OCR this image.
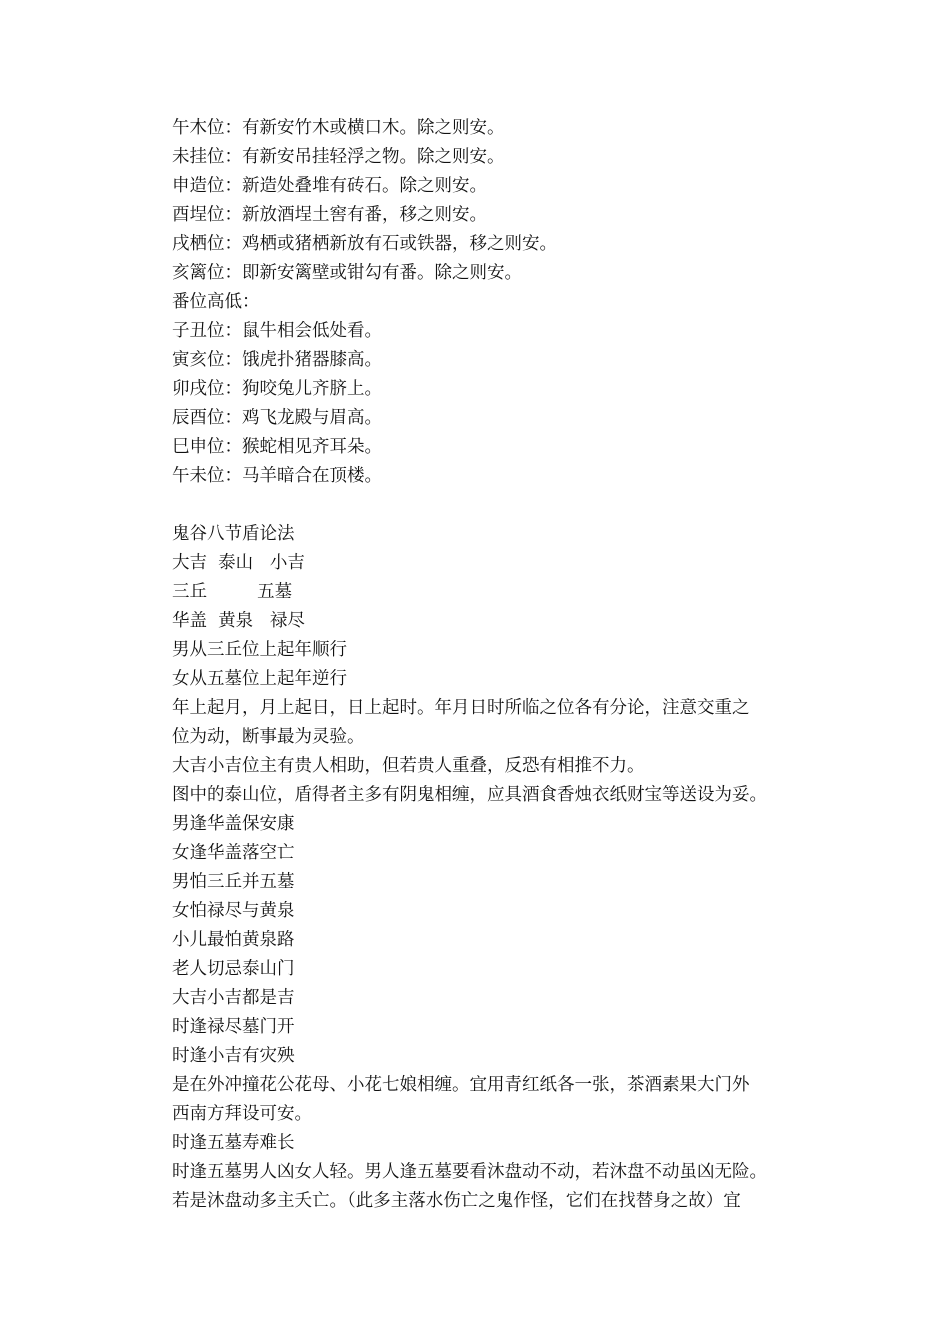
午木位：有新安竹木或横口木。除之则安。
未挂位：有新安吊挂轻浮之物。除之则安。
申造位：新造处叠堆有砖石。除之则安。
酉埕位：新放酒埕土窖有番，移之则安。
戌栖位：鸡栖或猪栖新放有石或铁器，移之则安。
亥篱位：即新安篱壁或钳勾有番。除之则安。
番位高低：
子丑位：鼠牛相会低处看。
寅亥位：饿虎扑猪器膝高。
卯戌位：狗咬兔儿齐脐上。
辰酉位：鸡飞龙殿与眉高。
巳申位：猴蛇相见齐耳朵。
午未位：马羊暗合在顶楼。
鬼谷八节盾论法
大吉  泰山   小吉
三丘         五墓
华盖  黄泉   禄尽
男从三丘位上起年顺行
女从五墓位上起年逆行
年上起月，月上起日，日上起时。年月日时所临之位各有分论，注意交重之
位为动，断事最为灵验。
大吉小吉位主有贵人相助，但若贵人重叠，反恐有相推不力。
图中的泰山位，盾得者主多有阴鬼相缠，应具酒食香烛衣纸财宝等送设为妥。
男逢华盖保安康
女逢华盖落空亡
男怕三丘并五墓
女怕禄尽与黄泉
小儿最怕黄泉路
老人切忌泰山门
大吉小吉都是吉
时逢禄尽墓门开
时逢小吉有灾殃
是在外冲撞花公花母、小花七娘相缠。宜用青红纸各一张，茶酒素果大门外
西南方拜设可安。
时逢五墓寿难长
时逢五墓男人凶女人轻。男人逢五墓要看沐盘动不动，若沐盘不动虽凶无险。
若是沐盘动多主夭亡。（此多主落水伤亡之鬼作怪，它们在找替身之故）宜
